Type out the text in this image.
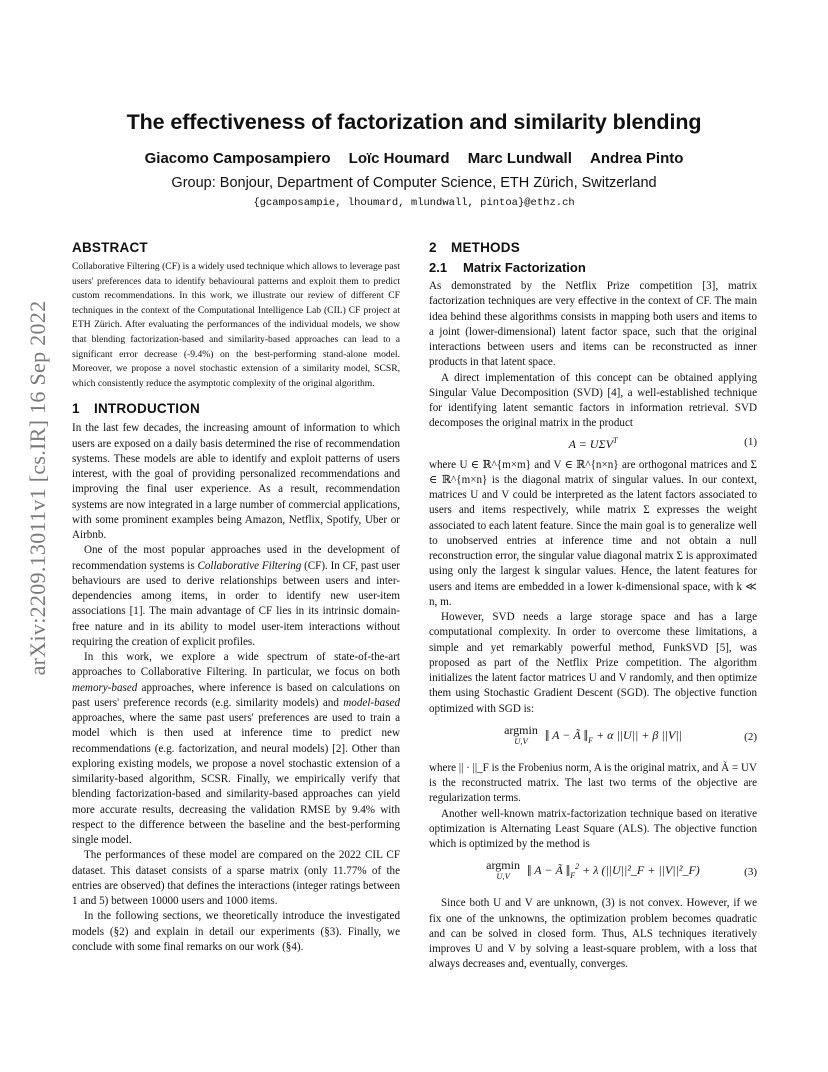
arXiv:2209.13011v1 [cs.IR] 16 Sep 2022
The effectiveness of factorization and similarity blending
Giacomo Camposampiero Loïc Houmard Marc Lundwall Andrea Pinto
Group: Bonjour, Department of Computer Science, ETH Zürich, Switzerland
{gcamposampie, lhoumard, mlundwall, pintoa}@ethz.ch
ABSTRACT

Collaborative Filtering (CF) is a widely used technique which allows to leverage past users' preferences data to identify behavioural patterns and exploit them to predict custom recommendations. In this work, we illustrate our review of different CF techniques in the context of the Computational Intelligence Lab (CIL) CF project at ETH Zürich. After evaluating the performances of the individual models, we show that blending factorization-based and similarity-based approaches can lead to a significant error decrease (-9.4%) on the best-performing stand-alone model. Moreover, we propose a novel stochastic extension of a similarity model, SCSR, which consistently reduce the asymptotic complexity of the original algorithm.

1 INTRODUCTION

In the last few decades, the increasing amount of information to which users are exposed on a daily basis determined the rise of recommendation systems. These models are able to identify and exploit patterns of users interest, with the goal of providing personalized recommendations and improving the final user experience. As a result, recommendation systems are now integrated in a large number of commercial applications, with some prominent examples being Amazon, Netflix, Spotify, Uber or Airbnb.

One of the most popular approaches used in the development of recommendation systems is Collaborative Filtering (CF). In CF, past user behaviours are used to derive relationships between users and inter-dependencies among items, in order to identify new user-item associations [1]. The main advantage of CF lies in its intrinsic domain-free nature and in its ability to model user-item interactions without requiring the creation of explicit profiles.

In this work, we explore a wide spectrum of state-of-the-art approaches to Collaborative Filtering. In particular, we focus on both memory-based approaches, where inference is based on calculations on past users' preference records (e.g. similarity models) and model-based approaches, where the same past users' preferences are used to train a model which is then used at inference time to predict new recommendations (e.g. factorization, and neural models) [2]. Other than exploring existing models, we propose a novel stochastic extension of a similarity-based algorithm, SCSR. Finally, we empirically verify that blending factorization-based and similarity-based approaches can yield more accurate results, decreasing the validation RMSE by 9.4% with respect to the difference between the baseline and the best-performing single model.

The performances of these model are compared on the 2022 CIL CF dataset. This dataset consists of a sparse matrix (only 11.77% of the entries are observed) that defines the interactions (integer ratings between 1 and 5) between 10000 users and 1000 items.

In the following sections, we theoretically introduce the investigated models (§2) and explain in detail our experiments (§3). Finally, we conclude with some final remarks on our work (§4).

2 METHODS
2.1 Matrix Factorization

As demonstrated by the Netflix Prize competition [3], matrix factorization techniques are very effective in the context of CF. The main idea behind these algorithms consists in mapping both users and items to a joint (lower-dimensional) latent factor space, such that the original interactions between users and items can be reconstructed as inner products in that latent space.

A direct implementation of this concept can be obtained applying Singular Value Decomposition (SVD) [4], a well-established technique for identifying latent semantic factors in information retrieval. SVD decomposes the original matrix in the product

$A = U\Sigma V^T$	(1)

where U ∈ ℝ^{m×m} and V ∈ ℝ^{n×n} are orthogonal matrices and Σ ∈ ℝ^{m×n} is the diagonal matrix of singular values. In our context, matrices U and V could be interpreted as the latent factors associated to users and items respectively, while matrix Σ expresses the weight associated to each latent feature. Since the main goal is to generalize well to unobserved entries at inference time and not obtain a null reconstruction error, the singular value diagonal matrix Σ is approximated using only the largest k singular values. Hence, the latent features for users and items are embedded in a lower k-dimensional space, with k ≪ n, m.

However, SVD needs a large storage space and has a large computational complexity. In order to overcome these limitations, a simple and yet remarkably powerful method, FunkSVD [5], was proposed as part of the Netflix Prize competition. The algorithm initializes the latent factor matrices U and V randomly, and then optimize them using Stochastic Gradient Descent (SGD). The objective function optimized with SGD is:

argmin
U,V	‖ A − Ã $‖_F + \alpha$ ||U|| + β ||V||	(2)

where || · ||_F is the Frobenius norm, A is the original matrix, and Ã = UV is the reconstructed matrix. The last two terms of the objective are regularization terms.

Another well-known matrix-factorization technique based on iterative optimization is Alternating Least Square (ALS). The objective function which is optimized by the method is

argmin
U,V	‖ A − Ã $‖_F^2 + \lambda$ (||U||²_F + ||V||²_F)	(3)

Since both U and V are unknown, (3) is not convex. However, if we fix one of the unknowns, the optimization problem becomes quadratic and can be solved in closed form. Thus, ALS techniques iteratively improves U and V by solving a least-square problem, with a loss that always decreases and, eventually, converges.
